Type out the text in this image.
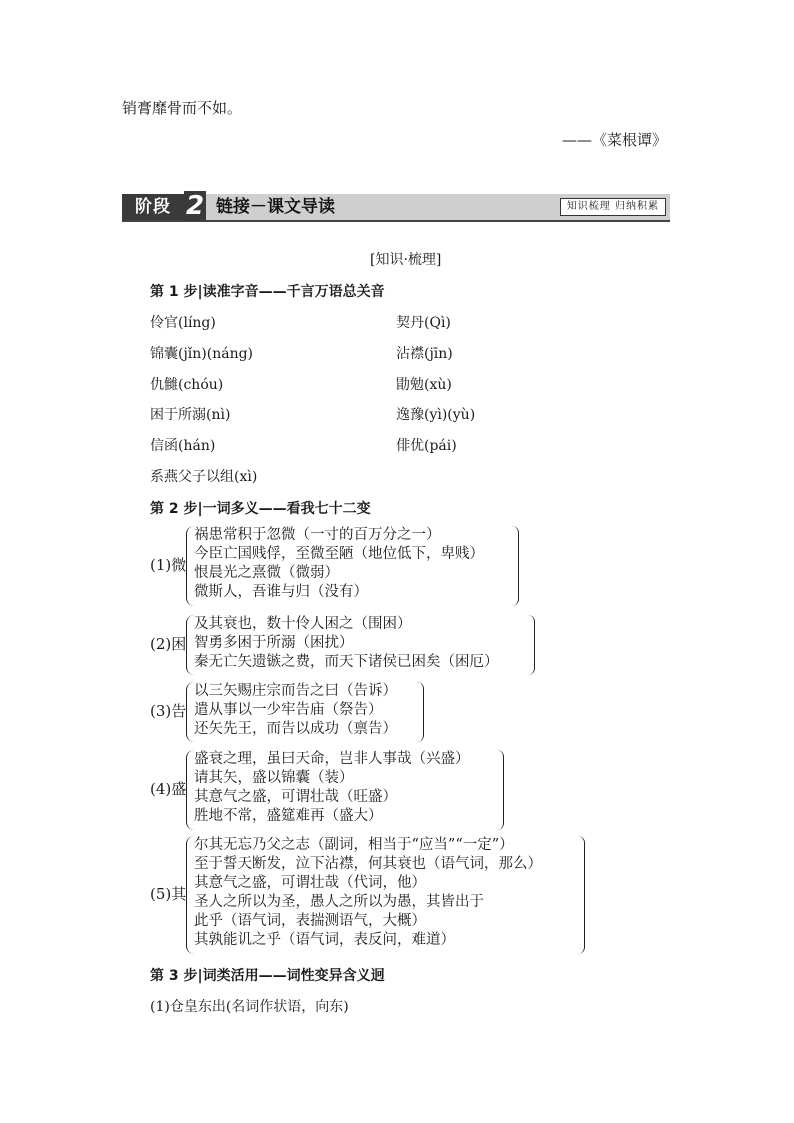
销膏靡骨而不如。
——《菜根谭》
阶段 2 链接－课文导读	知识梳理 归纳积累
[知识·梳理]
第 1 步|读准字音——千言万语总关音
伶官(líng)
锦囊(jǐn)(náng)
仇雠(chóu)
困于所溺(nì)
信函(hán)
系燕父子以组(xì)
契丹(Qì)
沾襟(jīn)
勖勉(xù)
逸豫(yì)(yù)
俳优(pái)
第 2 步|一词多义——看我七十二变
(1)微
祸患常积于忽微（一寸的百万分之一）
今臣亡国贱俘，至微至陋（地位低下，卑贱）
恨晨光之熹微（微弱）
微斯人，吾谁与归（没有）
(2)困
及其衰也，数十伶人困之（围困）
智勇多困于所溺（困扰）
秦无亡矢遗镞之费，而天下诸侯已困矣（困厄）
(3)告
以三矢赐庄宗而告之曰（告诉）
遣从事以一少牢告庙（祭告）
还矢先王，而告以成功（禀告）
(4)盛
盛衰之理，虽曰天命，岂非人事哉（兴盛）
请其矢，盛以锦囊（装）
其意气之盛，可谓壮哉（旺盛）
胜地不常，盛筵难再（盛大）
(5)其
尔其无忘乃父之志（副词，相当于“应当”“一定”）
至于誓天断发，泣下沾襟，何其衰也（语气词，那么）
其意气之盛，可谓壮哉（代词，他）
圣人之所以为圣，愚人之所以为愚，其皆出于
此乎（语气词，表揣测语气，大概）
其孰能讥之乎（语气词，表反问，难道）
第 3 步|词类活用——词性变异含义迥
(1)仓皇东出(名词作状语，向东)
